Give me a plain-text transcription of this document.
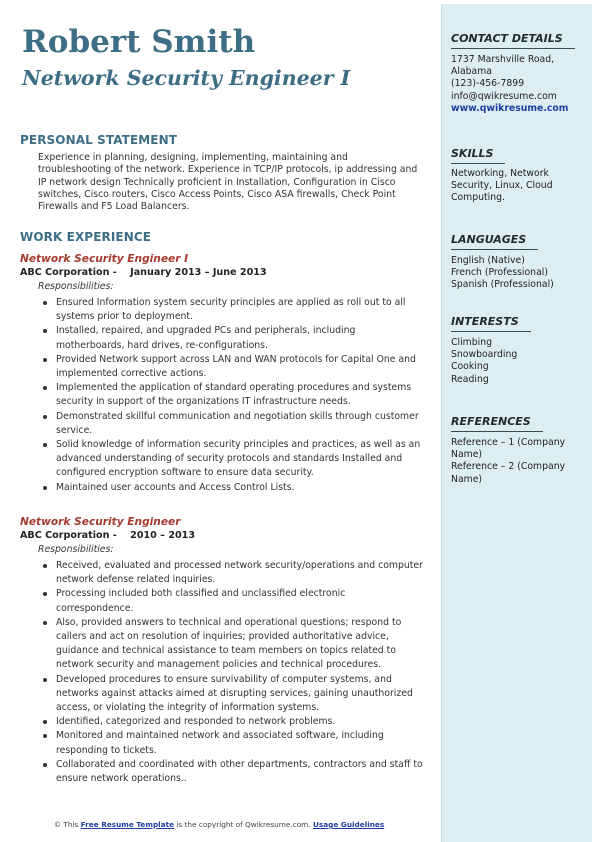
Robert Smith
Network Security Engineer I
PERSONAL STATEMENT

Experience in planning, designing, implementing, maintaining and troubleshooting of the network. Experience in TCP/IP protocols, ip addressing and IP network design Technically proficient in Installation, Configuration in Cisco switches, Cisco routers, Cisco Access Points, Cisco ASA firewalls, Check Point Firewalls and F5 Load Balancers.

WORK EXPERIENCE

Network Security Engineer I

ABC Corporation - January 2013 – June 2013

Responsibilities:

Ensured Information system security principles are applied as roll out to all systems prior to deployment.
Installed, repaired, and upgraded PCs and peripherals, including motherboards, hard drives, re-configurations.
Provided Network support across LAN and WAN protocols for Capital One and implemented corrective actions.
Implemented the application of standard operating procedures and systems security in support of the organizations IT infrastructure needs.
Demonstrated skillful communication and negotiation skills through customer service.
Solid knowledge of information security principles and practices, as well as an advanced understanding of security protocols and standards Installed and configured encryption software to ensure data security.
Maintained user accounts and Access Control Lists.

Network Security Engineer

ABC Corporation - 2010 – 2013

Responsibilities:

Received, evaluated and processed network security/operations and computer network defense related inquiries.
Processing included both classified and unclassified electronic correspondence.
Also, provided answers to technical and operational questions; respond to callers and act on resolution of inquiries; provided authoritative advice, guidance and technical assistance to team members on topics related to network security and management policies and technical procedures.
Developed procedures to ensure survivability of computer systems, and networks against attacks aimed at disrupting services, gaining unauthorized access, or violating the integrity of information systems.
Identified, categorized and responded to network problems.
Monitored and maintained network and associated software, including responding to tickets.
Collaborated and coordinated with other departments, contractors and staff to ensure network operations..
© This Free Resume Template is the copyright of Qwikresume.com. Usage Guidelines
CONTACT DETAILS

1737 Marshville Road, Alabama

(123)-456-7899

info@qwikresume.com

www.qwikresume.com

SKILLS

Networking, Network Security, Linux, Cloud Computing.

LANGUAGES

English (Native)

French (Professional)

Spanish (Professional)

INTERESTS

Climbing

Snowboarding

Cooking

Reading

REFERENCES

Reference – 1 (Company Name)

Reference – 2 (Company Name)
